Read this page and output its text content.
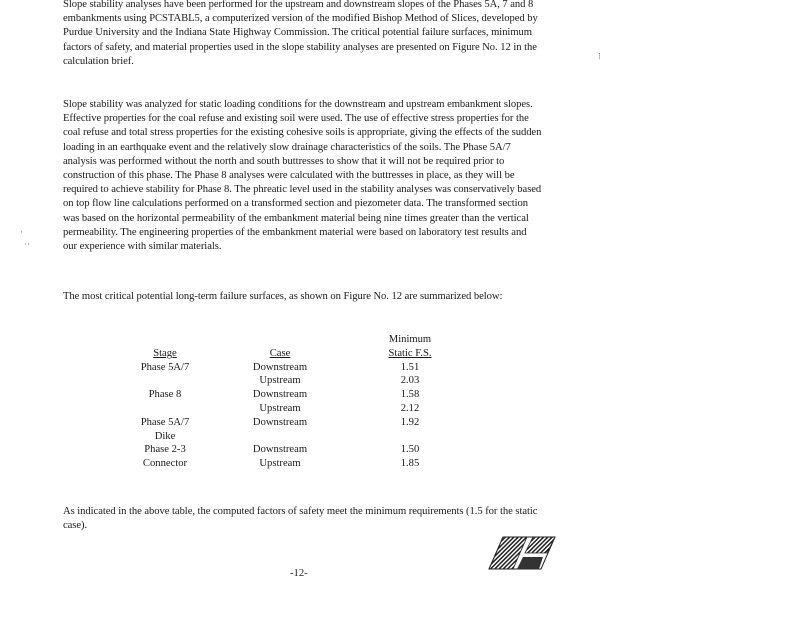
Slope stability analyses have been performed for the upstream and downstream slopes of the Phases 5A, 7 and 8 embankments using PCSTABL5, a computerized version of the modified Bishop Method of Slices, developed by Purdue University and the Indiana State Highway Commission. The critical potential failure surfaces, minimum factors of safety, and material properties used in the slope stability analyses are presented on Figure No. 12 in the calculation brief.

Slope stability was analyzed for static loading conditions for the downstream and upstream embankment slopes. Effective properties for the coal refuse and existing soil were used. The use of effective stress properties for the coal refuse and total stress properties for the existing cohesive soils is appropriate, giving the effects of the sudden loading in an earthquake event and the relatively slow drainage characteristics of the soils. The Phase 5A/7 analysis was performed without the north and south buttresses to show that it will not be required prior to construction of this phase. The Phase 8 analyses were calculated with the buttresses in place, as they will be required to achieve stability for Phase 8. The phreatic level used in the stability analyses was conservatively based on top flow line calculations performed on a transformed section and piezometer data. The transformed section was based on the horizontal permeability of the embankment material being nine times greater than the vertical permeability. The engineering properties of the embankment material were based on laboratory test results and our experience with similar materials.

The most critical potential long-term failure surfaces, as shown on Figure No. 12 are summarized below:

		Minimum
Stage	Case	Static F.S.
Phase 5A/7	Downstream	1.51
	Upstream	2.03
Phase 8	Downstream	1.58
	Upstream	2.12
Phase 5A/7	Downstream	1.92
Dike		
Phase 2-3	Downstream	1.50
Connector	Upstream	1.85

As indicated in the above table, the computed factors of safety meet the minimum requirements (1.5 for the static case).

⁝
·
··
-12-
